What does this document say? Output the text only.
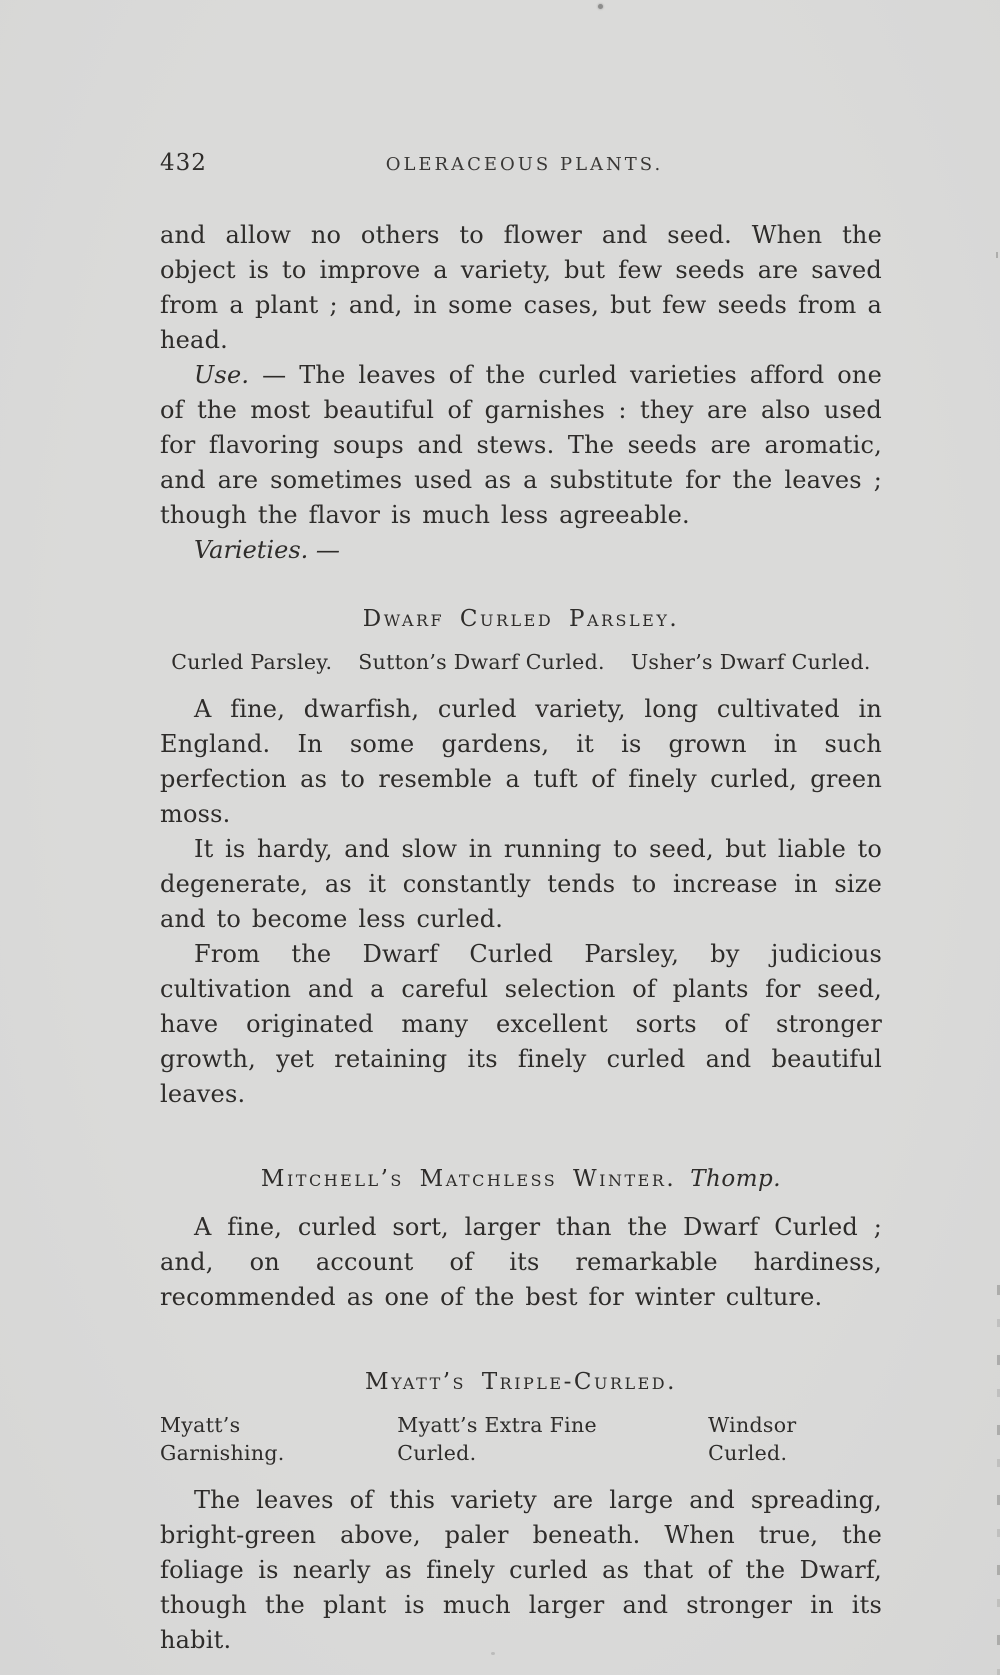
432	OLERACEOUS PLANTS.

and allow no others to flower and seed. When the object is to improve a variety, but few seeds are saved from a plant ; and, in some cases, but few seeds from a head.

Use. — The leaves of the curled varieties afford one of the most beautiful of garnishes : they are also used for flavoring soups and stews. The seeds are aromatic, and are sometimes used as a substitute for the leaves ; though the flavor is much less agreeable.

Varieties. —

Dwarf Curled Parsley.

Curled Parsley. Sutton’s Dwarf Curled. Usher’s Dwarf Curled.

A fine, dwarfish, curled variety, long cultivated in England. In some gardens, it is grown in such perfection as to resemble a tuft of finely curled, green moss.

It is hardy, and slow in running to seed, but liable to degenerate, as it constantly tends to increase in size and to become less curled.

From the Dwarf Curled Parsley, by judicious cultivation and a careful selection of plants for seed, have originated many excellent sorts of stronger growth, yet retaining its finely curled and beautiful leaves.

Mitchell’s Matchless Winter. Thomp.

A fine, curled sort, larger than the Dwarf Curled ; and, on account of its remarkable hardiness, recommended as one of the best for winter culture.

Myatt’s Triple-Curled.

Myatt’s Garnishing.
Myatt’s Extra Fine Curled.
Windsor Curled.

The leaves of this variety are large and spreading, bright-green above, paler beneath. When true, the foliage is nearly as finely curled as that of the Dwarf, though the plant is much larger and stronger in its habit.
